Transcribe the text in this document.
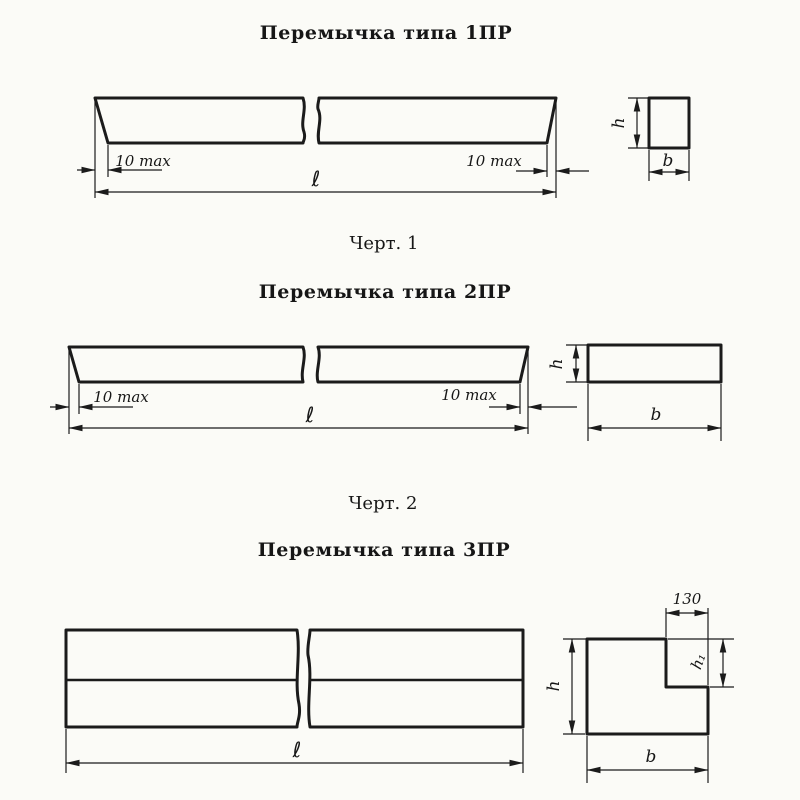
Перемычка типа 1ПР
10 max	10 max
ℓ
h
b
Черт. 1
Перемычка типа 2ПР
10 max	10 max
ℓ
h
b
Черт. 2
Перемычка типа 3ПР
ℓ
130
h₁
h
b
